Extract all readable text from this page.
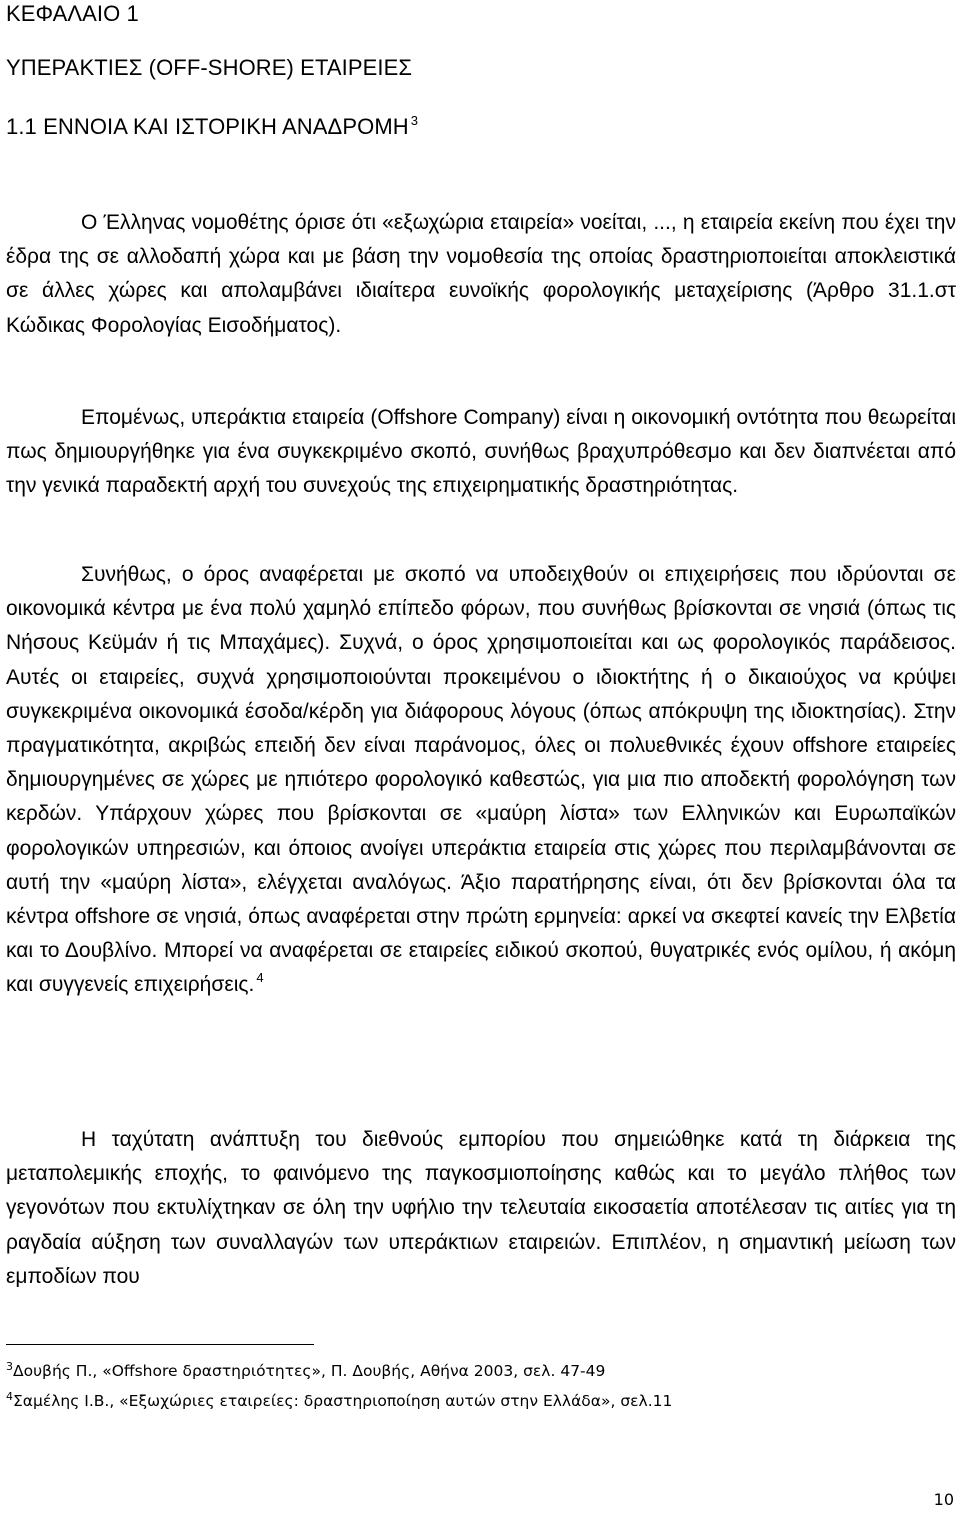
ΚΕΦΑΛΑΙΟ 1
ΥΠΕΡΑΚΤΙΕΣ (OFF-SHORE) ΕΤΑΙΡΕΙΕΣ
1.1 ΕΝΝΟΙΑ ΚΑΙ ΙΣΤΟΡΙΚΗ ΑΝΑΔΡΟΜΗ $^3$

Ο Έλληνας νομοθέτης όρισε ότι «εξωχώρια εταιρεία» νοείται, ..., η εταιρεία εκείνη που έχει την έδρα της σε αλλοδαπή χώρα και με βάση την νομοθεσία της οποίας δραστηριοποιείται αποκλειστικά σε άλλες χώρες και απολαμβάνει ιδιαίτερα ευνοϊκής φορολογικής μεταχείρισης (Άρθρο 31.1.στ Κώδικας Φορολογίας Εισοδήματος).

Επομένως, υπεράκτια εταιρεία (Offshore Company) είναι η οικονομική οντότητα που θεωρείται πως δημιουργήθηκε για ένα συγκεκριμένο σκοπό, συνήθως βραχυπρόθεσμο και δεν διαπνέεται από την γενικά παραδεκτή αρχή του συνεχούς της επιχειρηματικής δραστηριότητας.

Συνήθως, ο όρος αναφέρεται με σκοπό να υποδειχθούν οι επιχειρήσεις που ιδρύονται σε οικονομικά κέντρα με ένα πολύ χαμηλό επίπεδο φόρων, που συνήθως βρίσκονται σε νησιά (όπως τις Νήσους Κεϋμάν ή τις Μπαχάμες). Συχνά, ο όρος χρησιμοποιείται και ως φορολογικός παράδεισος. Αυτές οι εταιρείες, συχνά χρησιμοποιούνται προκειμένου ο ιδιοκτήτης ή ο δικαιούχος να κρύψει συγκεκριμένα οικονομικά έσοδα/κέρδη για διάφορους λόγους (όπως απόκρυψη της ιδιοκτησίας). Στην πραγματικότητα, ακριβώς επειδή δεν είναι παράνομος, όλες οι πολυεθνικές έχουν offshore εταιρείες δημιουργημένες σε χώρες με ηπιότερο φορολογικό καθεστώς, για μια πιο αποδεκτή φορολόγηση των κερδών. Υπάρχουν χώρες που βρίσκονται σε «μαύρη λίστα» των Ελληνικών και Ευρωπαϊκών φορολογικών υπηρεσιών, και όποιος ανοίγει υπεράκτια εταιρεία στις χώρες που περιλαμβάνονται σε αυτή την «μαύρη λίστα», ελέγχεται αναλόγως. Άξιο παρατήρησης είναι, ότι δεν βρίσκονται όλα τα κέντρα offshore σε νησιά, όπως αναφέρεται στην πρώτη ερμηνεία: αρκεί να σκεφτεί κανείς την Ελβετία και το Δουβλίνο. Μπορεί να αναφέρεται σε εταιρείες ειδικού σκοπού, θυγατρικές ενός ομίλου, ή ακόμη και συγγενείς επιχειρήσεις. $^4$

Η ταχύτατη ανάπτυξη του διεθνούς εμπορίου που σημειώθηκε κατά τη διάρκεια της μεταπολεμικής εποχής, το φαινόμενο της παγκοσμιοποίησης καθώς και το μεγάλο πλήθος των γεγονότων που εκτυλίχτηκαν σε όλη την υφήλιο την τελευταία εικοσαετία αποτέλεσαν τις αιτίες για τη ραγδαία αύξηση των συναλλαγών των υπεράκτιων εταιρειών. Επιπλέον, η σημαντική μείωση των εμποδίων που

$^3$Δουβής Π., «Offshore δραστηριότητες», Π. Δουβής, Αθήνα 2003, σελ. 47-49
$^4$Σαμέλης Ι.Β., «Εξωχώριες εταιρείες: δραστηριοποίηση αυτών στην Ελλάδα», σελ.11
10
